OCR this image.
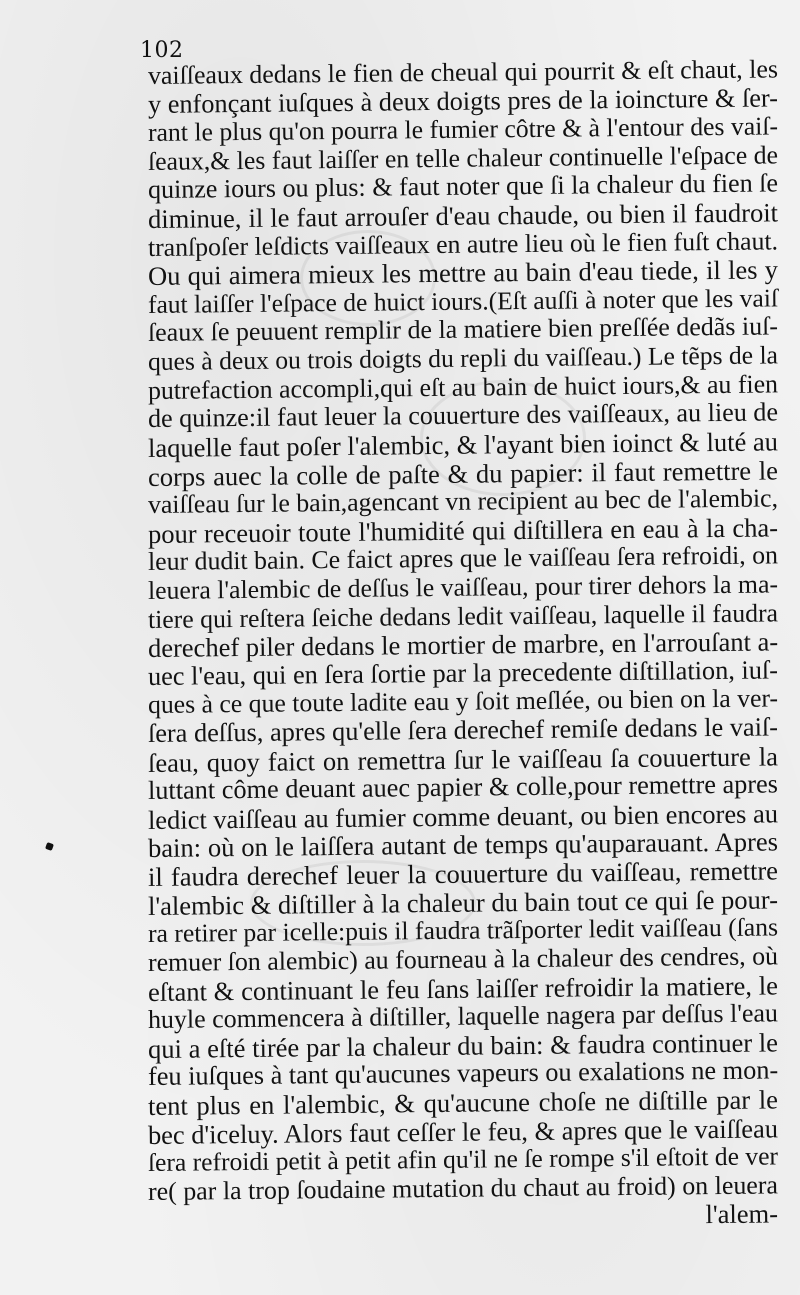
102
vaiſſeaux dedans le fien de cheual qui pourrit & eſt chaut, les
y enfonçant iuſques à deux doigts pres de la ioincture & ſer-
rant le plus qu'on pourra le fumier côtre & à l'entour des vaiſ-
ſeaux,& les faut laiſſer en telle chaleur continuelle l'eſpace de
quinze iours ou plus: & faut noter que ſi la chaleur du fien ſe
diminue, il le faut arrouſer d'eau chaude, ou bien il faudroit
tranſpoſer leſdicts vaiſſeaux en autre lieu où le fien fuſt chaut.
Ou qui aimera mieux les mettre au bain d'eau tiede, il les y
faut laiſſer l'eſpace de huict iours.(Eſt auſſi à noter que les vaiſ
ſeaux ſe peuuent remplir de la matiere bien preſſée dedãs iuſ-
ques à deux ou trois doigts du repli du vaiſſeau.) Le tẽps de la
putrefaction accompli,qui eſt au bain de huict iours,& au fien
de quinze:il faut leuer la couuerture des vaiſſeaux, au lieu de
laquelle faut poſer l'alembic, & l'ayant bien ioinct & luté au
corps auec la colle de paſte & du papier: il faut remettre le
vaiſſeau ſur le bain,agencant vn recipient au bec de l'alembic,
pour receuoir toute l'humidité qui diſtillera en eau à la cha-
leur dudit bain. Ce faict apres que le vaiſſeau ſera refroidi, on
leuera l'alembic de deſſus le vaiſſeau, pour tirer dehors la ma-
tiere qui reſtera ſeiche dedans ledit vaiſſeau, laquelle il faudra
derechef piler dedans le mortier de marbre, en l'arrouſant a-
uec l'eau, qui en ſera ſortie par la precedente diſtillation, iuſ-
ques à ce que toute ladite eau y ſoit meſlée, ou bien on la ver-
ſera deſſus, apres qu'elle ſera derechef remiſe dedans le vaiſ-
ſeau, quoy faict on remettra ſur le vaiſſeau ſa couuerture la
luttant côme deuant auec papier & colle,pour remettre apres
ledict vaiſſeau au fumier comme deuant, ou bien encores au
bain: où on le laiſſera autant de temps qu'auparauant. Apres
il faudra derechef leuer la couuerture du vaiſſeau, remettre
l'alembic & diſtiller à la chaleur du bain tout ce qui ſe pour-
ra retirer par icelle:puis il faudra trãſporter ledit vaiſſeau (ſans
remuer ſon alembic) au fourneau à la chaleur des cendres, où
eſtant & continuant le feu ſans laiſſer refroidir la matiere, le
huyle commencera à diſtiller, laquelle nagera par deſſus l'eau
qui a eſté tirée par la chaleur du bain: & faudra continuer le
feu iuſques à tant qu'aucunes vapeurs ou exalations ne mon-
tent plus en l'alembic, & qu'aucune choſe ne diſtille par le
bec d'iceluy. Alors faut ceſſer le feu, & apres que le vaiſſeau
ſera refroidi petit à petit afin qu'il ne ſe rompe s'il eſtoit de ver
re( par la trop ſoudaine mutation du chaut au froid) on leuera
l'alem-
